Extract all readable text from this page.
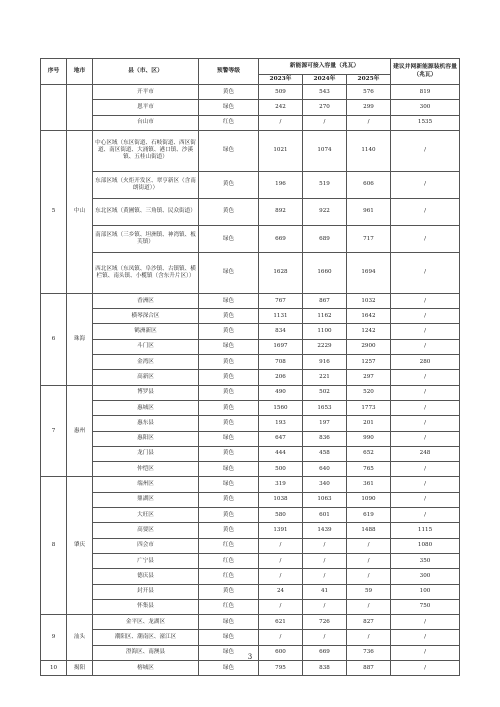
序号	地市	县（市、区）	预警等级	新能源可接入容量（兆瓦）			建议并网新能源装机容量（兆瓦）
				2023年	2024年	2025年	
		开平市	黄色	509	543	576	819
		恩平市	绿色	242	270	299	300
		台山市	红色	/	/	/	1535
5	中山	中心区域（东区街道、石岐街道、西区街道、南区街道、大涌镇、港口镇、沙溪镇、五桂山街道）	绿色	1021	1074	1140	/
		东部区域（火炬开发区、翠亨新区（含南朗街道））	黄色	196	519	606	/
		东北区域（黄圃镇、三角镇、民众街道）	黄色	892	922	961	/
		南部区域（三乡镇、坦洲镇、神湾镇、板芙镇）	绿色	669	689	717	/
		西北区域（东凤镇、阜沙镇、古镇镇、横栏镇、南头镇、小榄镇（含东升片区））	绿色	1628	1660	1694	/
6	珠海	香洲区	绿色	767	867	1032	/
		横琴深合区	黄色	1131	1162	1642	/
		鹤洲新区	黄色	834	1100	1242	/
		斗门区	绿色	1697	2229	2900	/
		金湾区	黄色	708	916	1257	280
		高新区	黄色	206	221	297	/
7	惠州	博罗县	黄色	490	502	520	/
		惠城区	黄色	1560	1653	1773	/
		惠东县	黄色	193	197	201	/
		惠阳区	绿色	647	836	990	/
		龙门县	黄色	444	458	652	248
		仲恺区	绿色	500	640	765	/
8	肇庆	端州区	绿色	319	340	361	/
		鼎湖区	黄色	1038	1063	1090	/
		大旺区	黄色	580	601	619	/
		高要区	黄色	1391	1439	1488	1115
		四会市	红色	/	/	/	1080
		广宁县	红色	/	/	/	350
		德庆县	红色	/	/	/	300
		封开县	黄色	24	41	59	100
		怀集县	红色	/	/	/	750
9	汕头	金平区、龙湖区	绿色	621	726	827	/
		潮阳区、潮南区、濠江区	绿色	/	/	/	/
		澄海区、南澳县	绿色	600	669	736	/
10	揭阳	榕城区	绿色	795	838	887	/
3
